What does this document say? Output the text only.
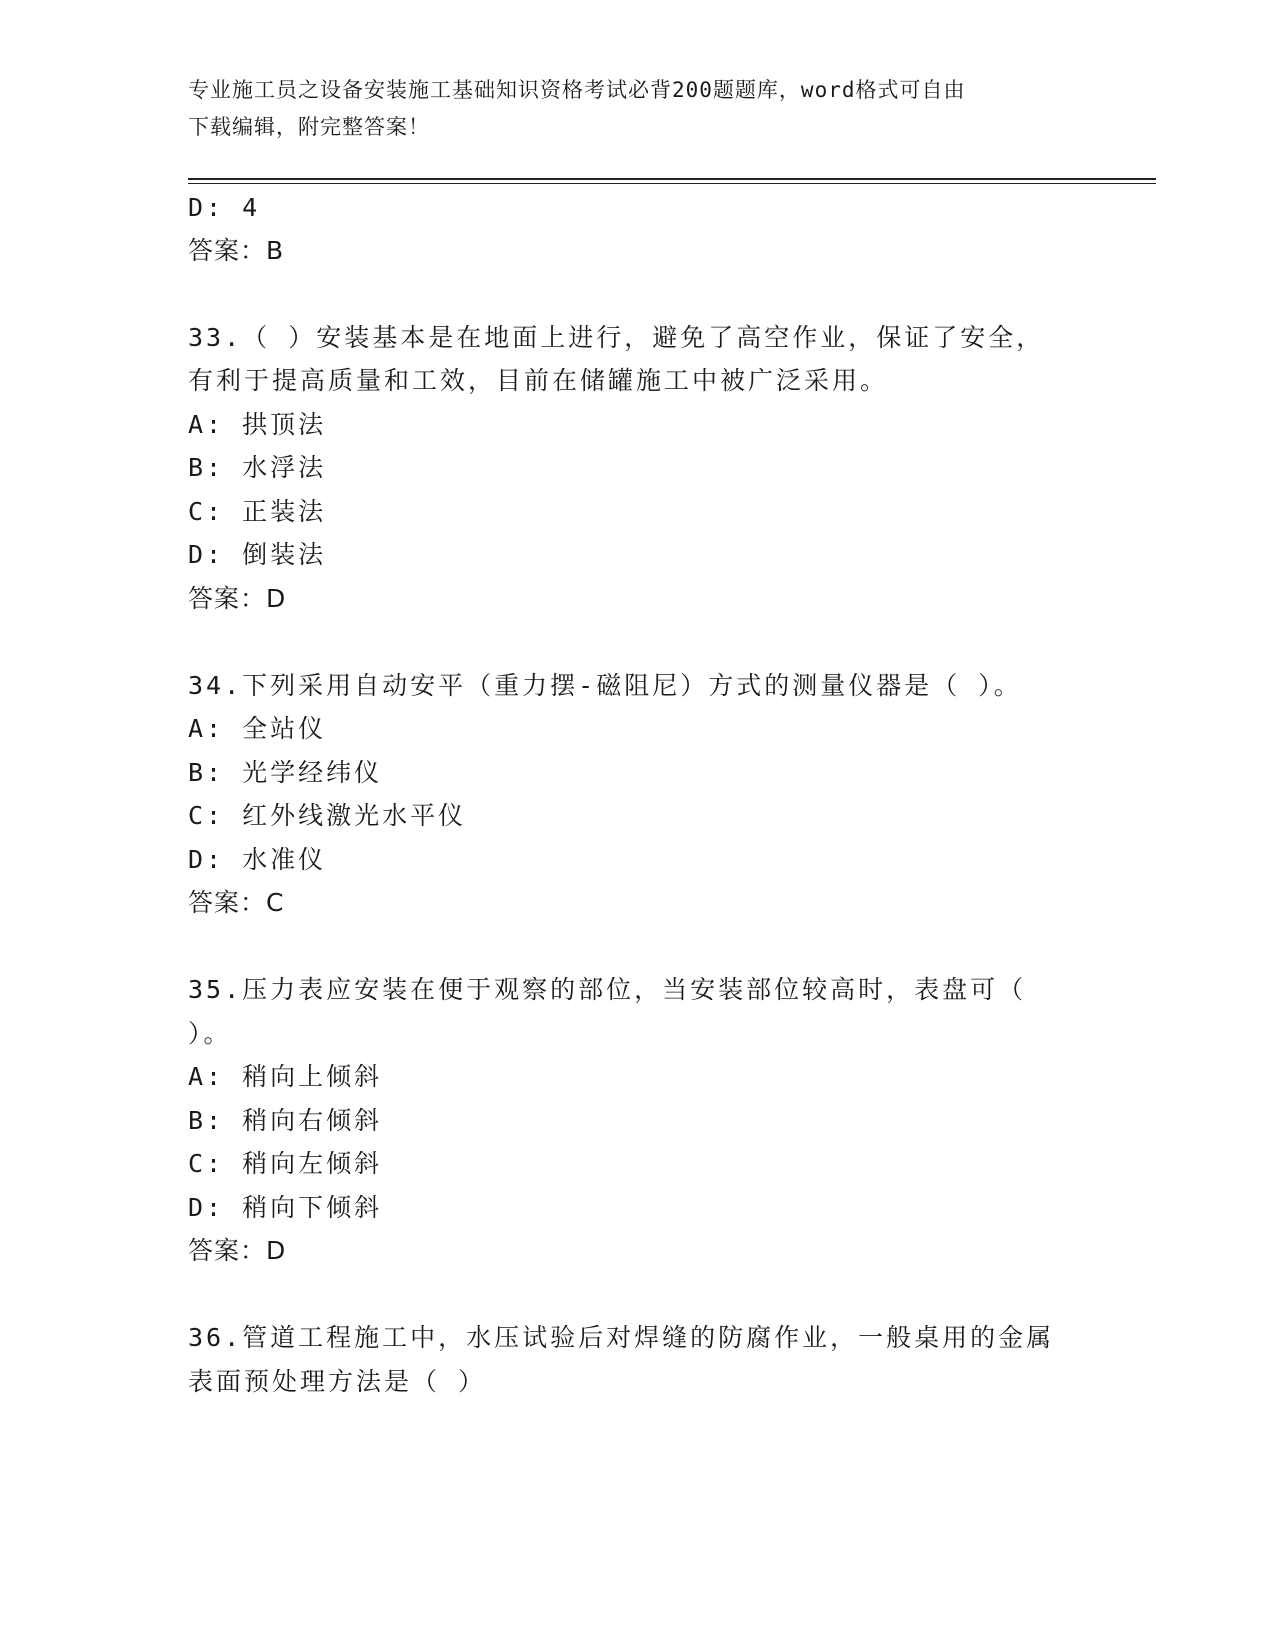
专业施工员之设备安装施工基础知识资格考试必背200题题库，word格式可自由
下载编辑，附完整答案！
D: 4
答案：B
33.（ ）安装基本是在地面上进行，避免了高空作业，保证了安全，
有利于提高质量和工效，目前在储罐施工中被广泛采用。
A: 拱顶法
B: 水浮法
C: 正装法
D: 倒装法
答案：D
34.下列采用自动安平（重力摆-磁阻尼）方式的测量仪器是（ ）。
A: 全站仪
B: 光学经纬仪
C: 红外线激光水平仪
D: 水准仪
答案：C
35.压力表应安装在便于观察的部位，当安装部位较高时，表盘可（
）。
A: 稍向上倾斜
B: 稍向右倾斜
C: 稍向左倾斜
D: 稍向下倾斜
答案：D
36.管道工程施工中，水压试验后对焊缝的防腐作业，一般桌用的金属
表面预处理方法是（ ）
